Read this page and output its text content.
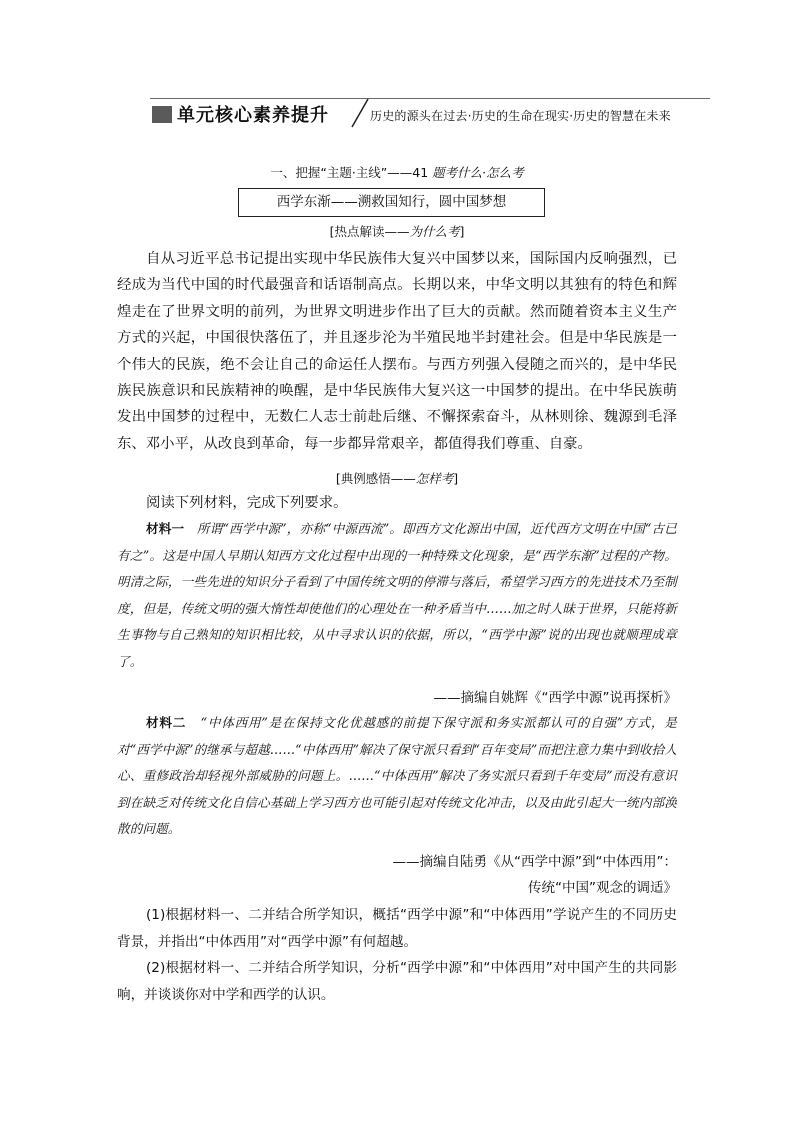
单元核心素养提升	历史的源头在过去·历史的生命在现实·历史的智慧在未来
一、把握“主题·主线”——41 题考什么·怎么考
西学东渐——溯救国知行，圆中国梦想
[热点解读——为什么考]

自从习近平总书记提出实现中华民族伟大复兴中国梦以来，国际国内反响强烈，已经成为当代中国的时代最强音和话语制高点。长期以来，中华文明以其独有的特色和辉煌走在了世界文明的前列，为世界文明进步作出了巨大的贡献。然而随着资本主义生产方式的兴起，中国很快落伍了，并且逐步沦为半殖民地半封建社会。但是中华民族是一个伟大的民族，绝不会让自己的命运任人摆布。与西方列强入侵随之而兴的，是中华民族民族意识和民族精神的唤醒，是中华民族伟大复兴这一中国梦的提出。在中华民族萌发出中国梦的过程中，无数仁人志士前赴后继、不懈探索奋斗，从林则徐、魏源到毛泽东、邓小平，从改良到革命，每一步都异常艰辛，都值得我们尊重、自豪。

[典例感悟——怎样考]

阅读下列材料，完成下列要求。

材料一 所谓“西学中源”，亦称“中源西流”。即西方文化源出中国，近代西方文明在中国“古已有之”。这是中国人早期认知西方文化过程中出现的一种特殊文化现象，是“西学东渐”过程的产物。明清之际，一些先进的知识分子看到了中国传统文明的停滞与落后，希望学习西方的先进技术乃至制度，但是，传统文明的强大惰性却使他们的心理处在一种矛盾当中……加之时人昧于世界，只能将新生事物与自己熟知的知识相比较，从中寻求认识的依据，所以，“西学中源”说的出现也就顺理成章了。

——摘编自姚辉《“西学中源”说再探析》

材料二 “中体西用”是在保持文化优越感的前提下保守派和务实派都认可的自强”方式，是对“西学中源”的继承与超越……“中体西用”解决了保守派只看到“百年变局”而把注意力集中到收拾人心、重修政治却轻视外部威胁的问题上。……“中体西用”解决了务实派只看到千年变局”而没有意识到在缺乏对传统文化自信心基础上学习西方也可能引起对传统文化冲击，以及由此引起大一统内部涣散的问题。

——摘编自陆勇《从“西学中源”到“中体西用”：
传统“中国”观念的调适》

(1)根据材料一、二并结合所学知识，概括“西学中源”和“中体西用”学说产生的不同历史背景，并指出“中体西用”对“西学中源”有何超越。

(2)根据材料一、二并结合所学知识，分析“西学中源”和“中体西用”对中国产生的共同影响，并谈谈你对中学和西学的认识。
